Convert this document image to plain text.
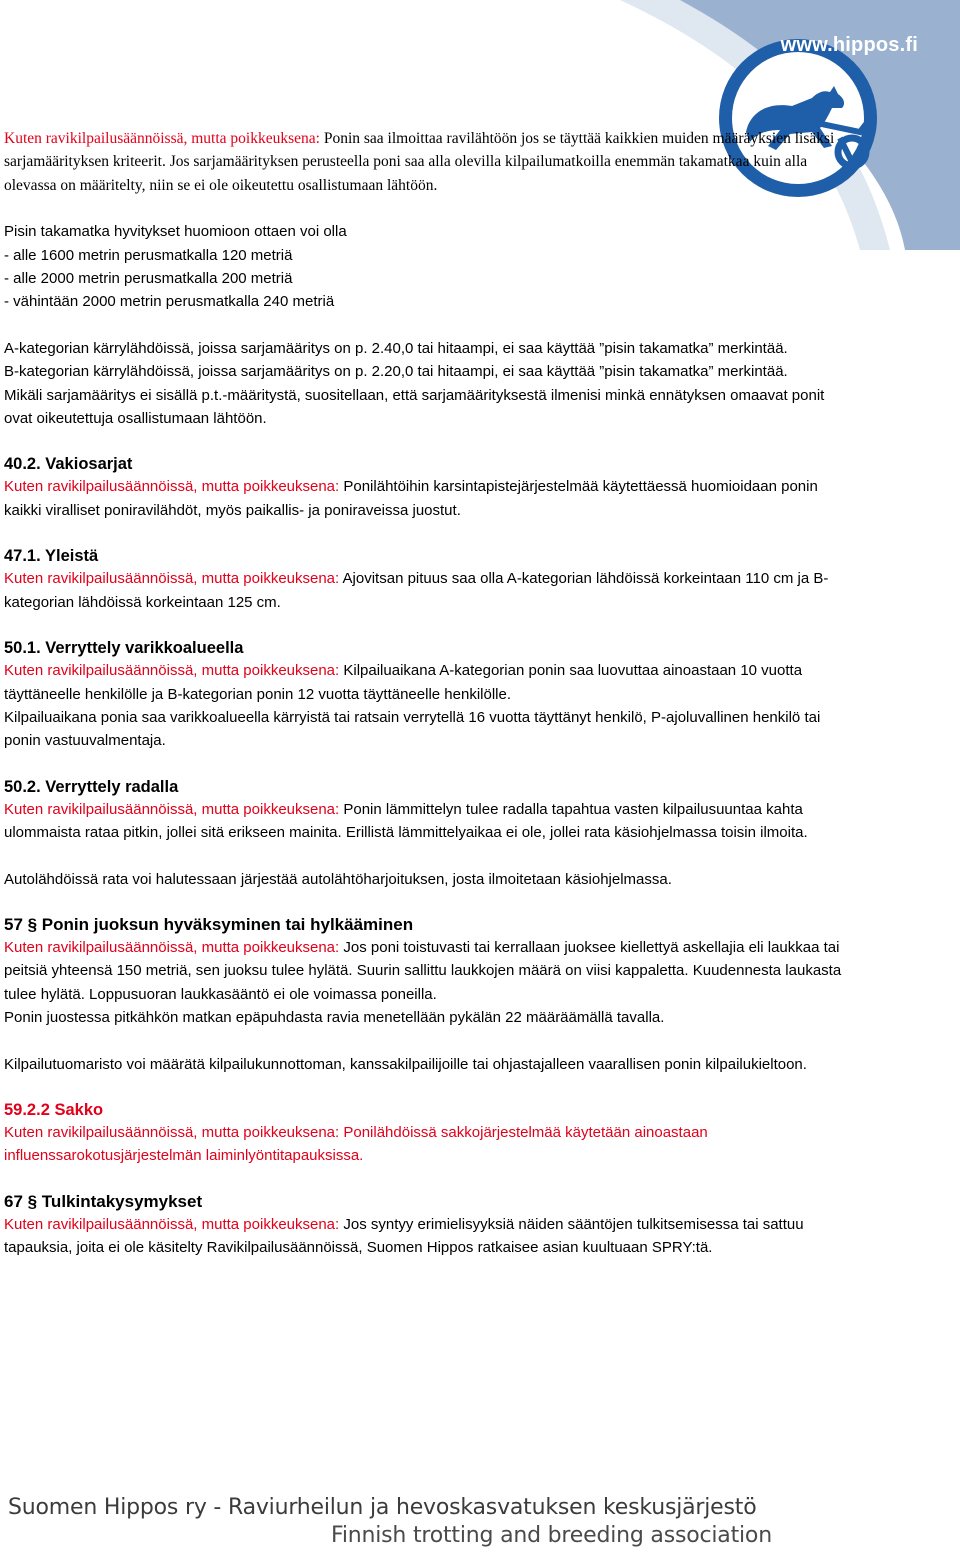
www.hippos.fi

Kuten ravikilpailusäännöissä, mutta poikkeuksena: Ponin saa ilmoittaa ravilähtöön jos se täyttää kaikkien muiden määräyksien lisäksi sarjamäärityksen kriteerit. Jos sarjamäärityksen perusteella poni saa alla olevilla kilpailumatkoilla enemmän takamatkaa kuin alla olevassa on määritelty, niin se ei ole oikeutettu osallistumaan lähtöön.

Pisin takamatka hyvitykset huomioon ottaen voi olla

- alle 1600 metrin perusmatkalla 120 metriä

- alle 2000 metrin perusmatkalla 200 metriä

- vähintään 2000 metrin perusmatkalla 240 metriä

A-kategorian kärrylähdöissä, joissa sarjamääritys on p. 2.40,0 tai hitaampi, ei saa käyttää ”pisin takamatka” merkintää.

B-kategorian kärrylähdöissä, joissa sarjamääritys on p. 2.20,0 tai hitaampi, ei saa käyttää ”pisin takamatka” merkintää.

Mikäli sarjamääritys ei sisällä p.t.-määritystä, suositellaan, että sarjamäärityksestä ilmenisi minkä ennätyksen omaavat ponit ovat oikeutettuja osallistumaan lähtöön.

40.2. Vakiosarjat

Kuten ravikilpailusäännöissä, mutta poikkeuksena: Ponilähtöihin karsintapistejärjestelmää käytettäessä huomioidaan ponin kaikki viralliset poniravilähdöt, myös paikallis- ja poniraveissa juostut.

47.1. Yleistä

Kuten ravikilpailusäännöissä, mutta poikkeuksena: Ajovitsan pituus saa olla A-kategorian lähdöissä korkeintaan 110 cm ja B-kategorian lähdöissä korkeintaan 125 cm.

50.1. Verryttely varikkoalueella

Kuten ravikilpailusäännöissä, mutta poikkeuksena: Kilpailuaikana A-kategorian ponin saa luovuttaa ainoastaan 10 vuotta täyttäneelle henkilölle ja B-kategorian ponin 12 vuotta täyttäneelle henkilölle.

Kilpailuaikana ponia saa varikkoalueella kärryistä tai ratsain verrytellä 16 vuotta täyttänyt henkilö, P-ajoluvallinen henkilö tai ponin vastuuvalmentaja.

50.2. Verryttely radalla

Kuten ravikilpailusäännöissä, mutta poikkeuksena: Ponin lämmittelyn tulee radalla tapahtua vasten kilpailusuuntaa kahta ulommaista rataa pitkin, jollei sitä erikseen mainita. Erillistä lämmittelyaikaa ei ole, jollei rata käsiohjelmassa toisin ilmoita.

Autolähdöissä rata voi halutessaan järjestää autolähtöharjoituksen, josta ilmoitetaan käsiohjelmassa.

57 § Ponin juoksun hyväksyminen tai hylkääminen

Kuten ravikilpailusäännöissä, mutta poikkeuksena: Jos poni toistuvasti tai kerrallaan juoksee kiellettyä askellajia eli laukkaa tai peitsiä yhteensä 150 metriä, sen juoksu tulee hylätä. Suurin sallittu laukkojen määrä on viisi kappaletta. Kuudennesta laukasta tulee hylätä. Loppusuoran laukkasääntö ei ole voimassa poneilla.

Ponin juostessa pitkähkön matkan epäpuhdasta ravia menetellään pykälän 22 määräämällä tavalla.

Kilpailutuomaristo voi määrätä kilpailukunnottoman, kanssakilpailijoille tai ohjastajalleen vaarallisen ponin kilpailukieltoon.

59.2.2 Sakko

Kuten ravikilpailusäännöissä, mutta poikkeuksena: Ponilähdöissä sakkojärjestelmää käytetään ainoastaan influenssarokotusjärjestelmän laiminlyöntitapauksissa.

67 § Tulkintakysymykset

Kuten ravikilpailusäännöissä, mutta poikkeuksena: Jos syntyy erimielisyyksiä näiden sääntöjen tulkitsemisessa tai sattuu tapauksia, joita ei ole käsitelty Ravikilpailusäännöissä, Suomen Hippos ratkaisee asian kuultuaan SPRY:tä.

Suomen Hippos ry - Raviurheilun ja hevoskasvatuksen keskusjärjestö
Finnish trotting and breeding association
